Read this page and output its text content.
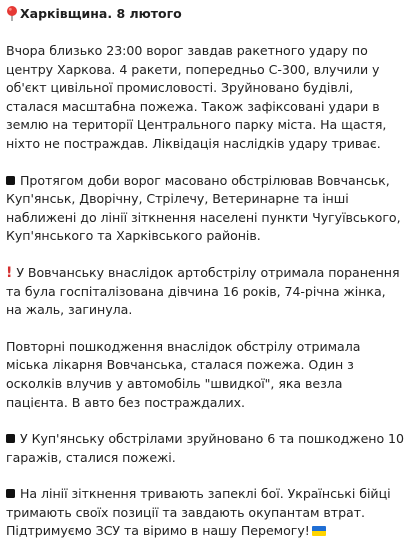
Харківщина. 8 лютого

Вчора близько 23:00 ворог завдав ракетного удару по центру Харкова. 4 ракети, попередньо С-300, влучили у об'єкт цивільної промисловості. Зруйновано будівлі, сталася масштабна пожежа. Також зафіксовані удари в землю на території Центрального парку міста. На щастя, ніхто не постраждав. Ліквідація наслідків удару триває.

Протягом доби ворог масовано обстрілював Вовчанськ, Куп'янськ, Дворічну, Стрілечу, Ветеринарне та інші наближені до лінії зіткнення населені пункти Чугуївського, Куп'янського та Харківського районів.

! У Вовчанську внаслідок артобстрілу отримала поранення та була госпіталізована дівчина 16 років, 74-річна жінка, на жаль, загинула.

Повторні пошкодження внаслідок обстрілу отримала міська лікарня Вовчанська, сталася пожежа. Один з осколків влучив у автомобіль "швидкої", яка везла пацієнта. В авто без постраждалих.

У Куп'янську обстрілами зруйновано 6 та пошкоджено 10 гаражів, сталися пожежі.

На лінії зіткнення тривають запеклі бої. Українські бійці тримають своїх позиції та завдають окупантам втрат. Підтримуємо ЗСУ та віримо в нашу Перемогу!
